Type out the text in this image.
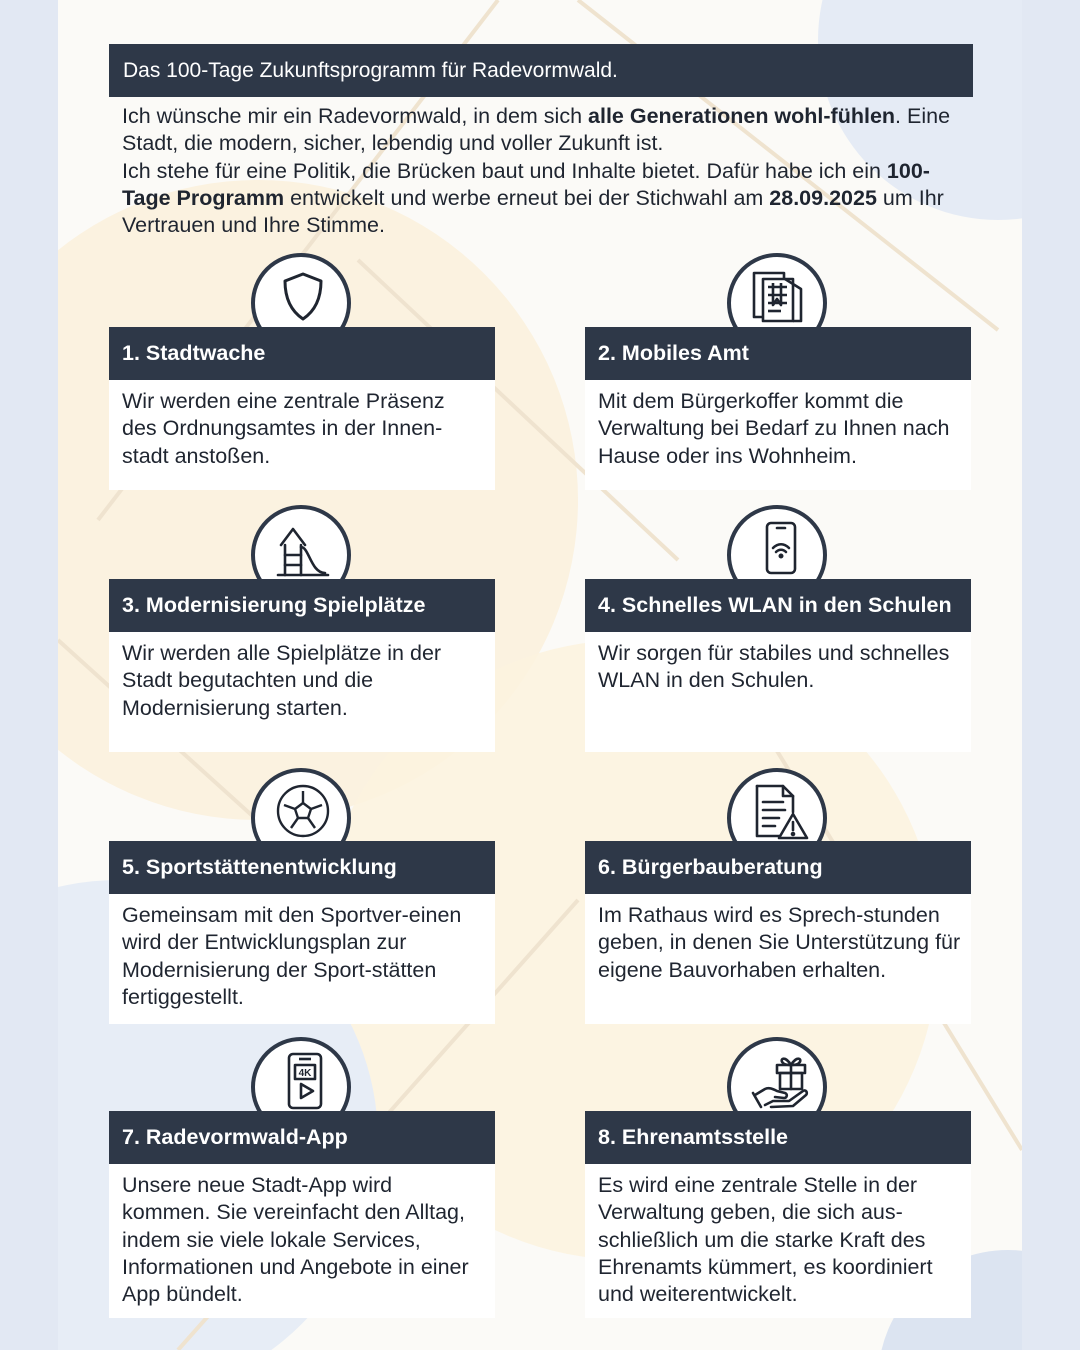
Das 100-Tage Zukunftsprogramm für Radevormwald.
Ich wünsche mir ein Radevormwald, in dem sich alle Generationen wohl-fühlen. Eine Stadt, die modern, sicher, lebendig und voller Zukunft ist.
Ich stehe für eine Politik, die Brücken baut und Inhalte bietet. Dafür habe ich ein 100-Tage Programm entwickelt und werbe erneut bei der Stichwahl am 28.09.2025 um Ihr Vertrauen und Ihre Stimme.
1. Stadtwache
Wir werden eine zentrale Präsenz des Ordnungsamtes in der Innen-stadt anstoßen.
2. Mobiles Amt
Mit dem Bürgerkoffer kommt die Verwaltung bei Bedarf zu Ihnen nach Hause oder ins Wohnheim.
3. Modernisierung Spielplätze
Wir werden alle Spielplätze in der Stadt begutachten und die Modernisierung starten.
4. Schnelles WLAN in den Schulen
Wir sorgen für stabiles und schnelles WLAN in den Schulen.
5. Sportstättenentwicklung
Gemeinsam mit den Sportver-einen wird der Entwicklungsplan zur Modernisierung der Sport-stätten fertiggestellt.
6. Bürgerbauberatung
Im Rathaus wird es Sprech-stunden geben, in denen Sie Unterstützung für eigene Bauvorhaben erhalten.
4K
7. Radevormwald-App
Unsere neue Stadt-App wird kommen. Sie vereinfacht den Alltag, indem sie viele lokale Services, Informationen und Angebote in einer App bündelt.
8. Ehrenamtsstelle
Es wird eine zentrale Stelle in der Verwaltung geben, die sich aus-schließlich um die starke Kraft des Ehrenamts kümmert, es koordiniert und weiterentwickelt.
